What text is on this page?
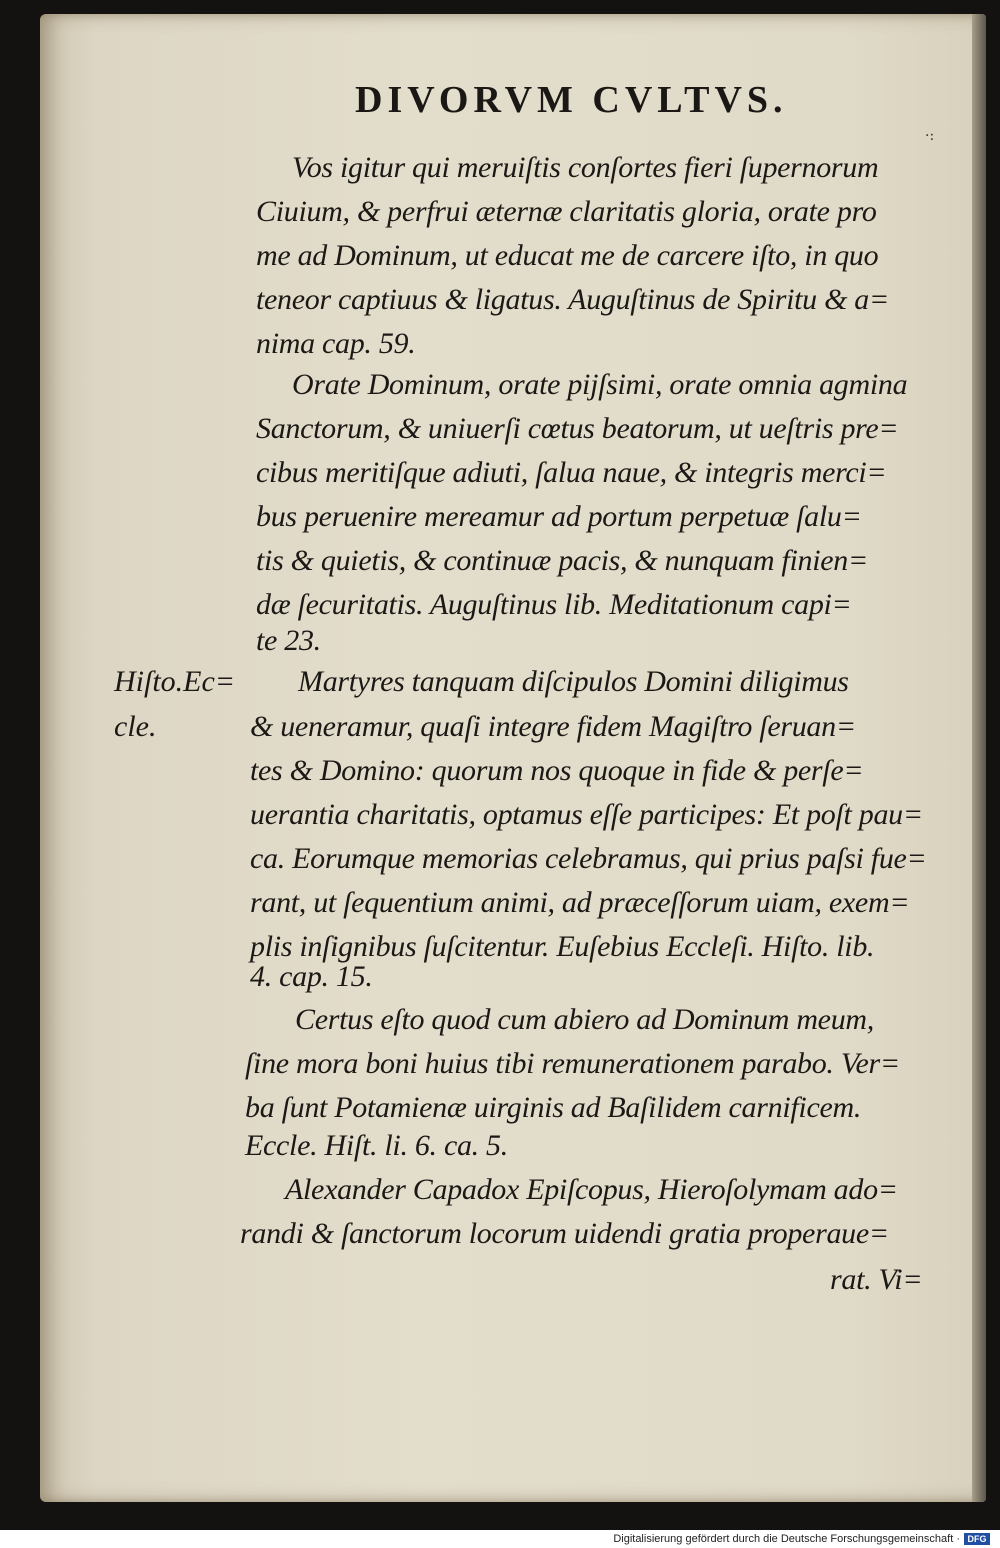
DIVORVM CVLTVS.
·:
Hiſto.Ec=
cle.
Vos igitur qui meruiſtis conſortes fieri ſupernorum
Ciuium, & perfrui æternæ claritatis gloria, orate pro
me ad Dominum, ut educat me de carcere iſto, in quo
teneor captiuus & ligatus. Auguſtinus de Spiritu & a=
nima cap. 59.
Orate Dominum, orate pijſsimi, orate omnia agmina
Sanctorum, & uniuerſi cœtus beatorum, ut ueſtris pre=
cibus meritiſque adiuti, ſalua naue, & integris merci=
bus peruenire mereamur ad portum perpetuæ ſalu=
tis & quietis, & continuæ pacis, & nunquam finien=
dæ ſecuritatis. Auguſtinus lib. Meditationum capi=
te 23.
Martyres tanquam diſcipulos Domini diligimus
& ueneramur, quaſi integre fidem Magiſtro ſeruan=
tes & Domino: quorum nos quoque in fide & perſe=
uerantia charitatis, optamus eſſe participes: Et poſt pau=
ca. Eorumque memorias celebramus, qui prius paſsi fue=
rant, ut ſequentium animi, ad præceſſorum uiam, exem=
plis inſignibus ſuſcitentur. Euſebius Eccleſi. Hiſto. lib.
4. cap. 15.
Certus eſto quod cum abiero ad Dominum meum,
ſine mora boni huius tibi remunerationem parabo. Ver=
ba ſunt Potamienæ uirginis ad Baſilidem carnificem.
Eccle. Hiſt. li. 6. ca. 5.
Alexander Capadox Epiſcopus, Hieroſolymam ado=
randi & ſanctorum locorum uidendi gratia properaue=
rat. Vi=
Digitalisierung gefördert durch die Deutsche Forschungsgemeinschaft · DFG
